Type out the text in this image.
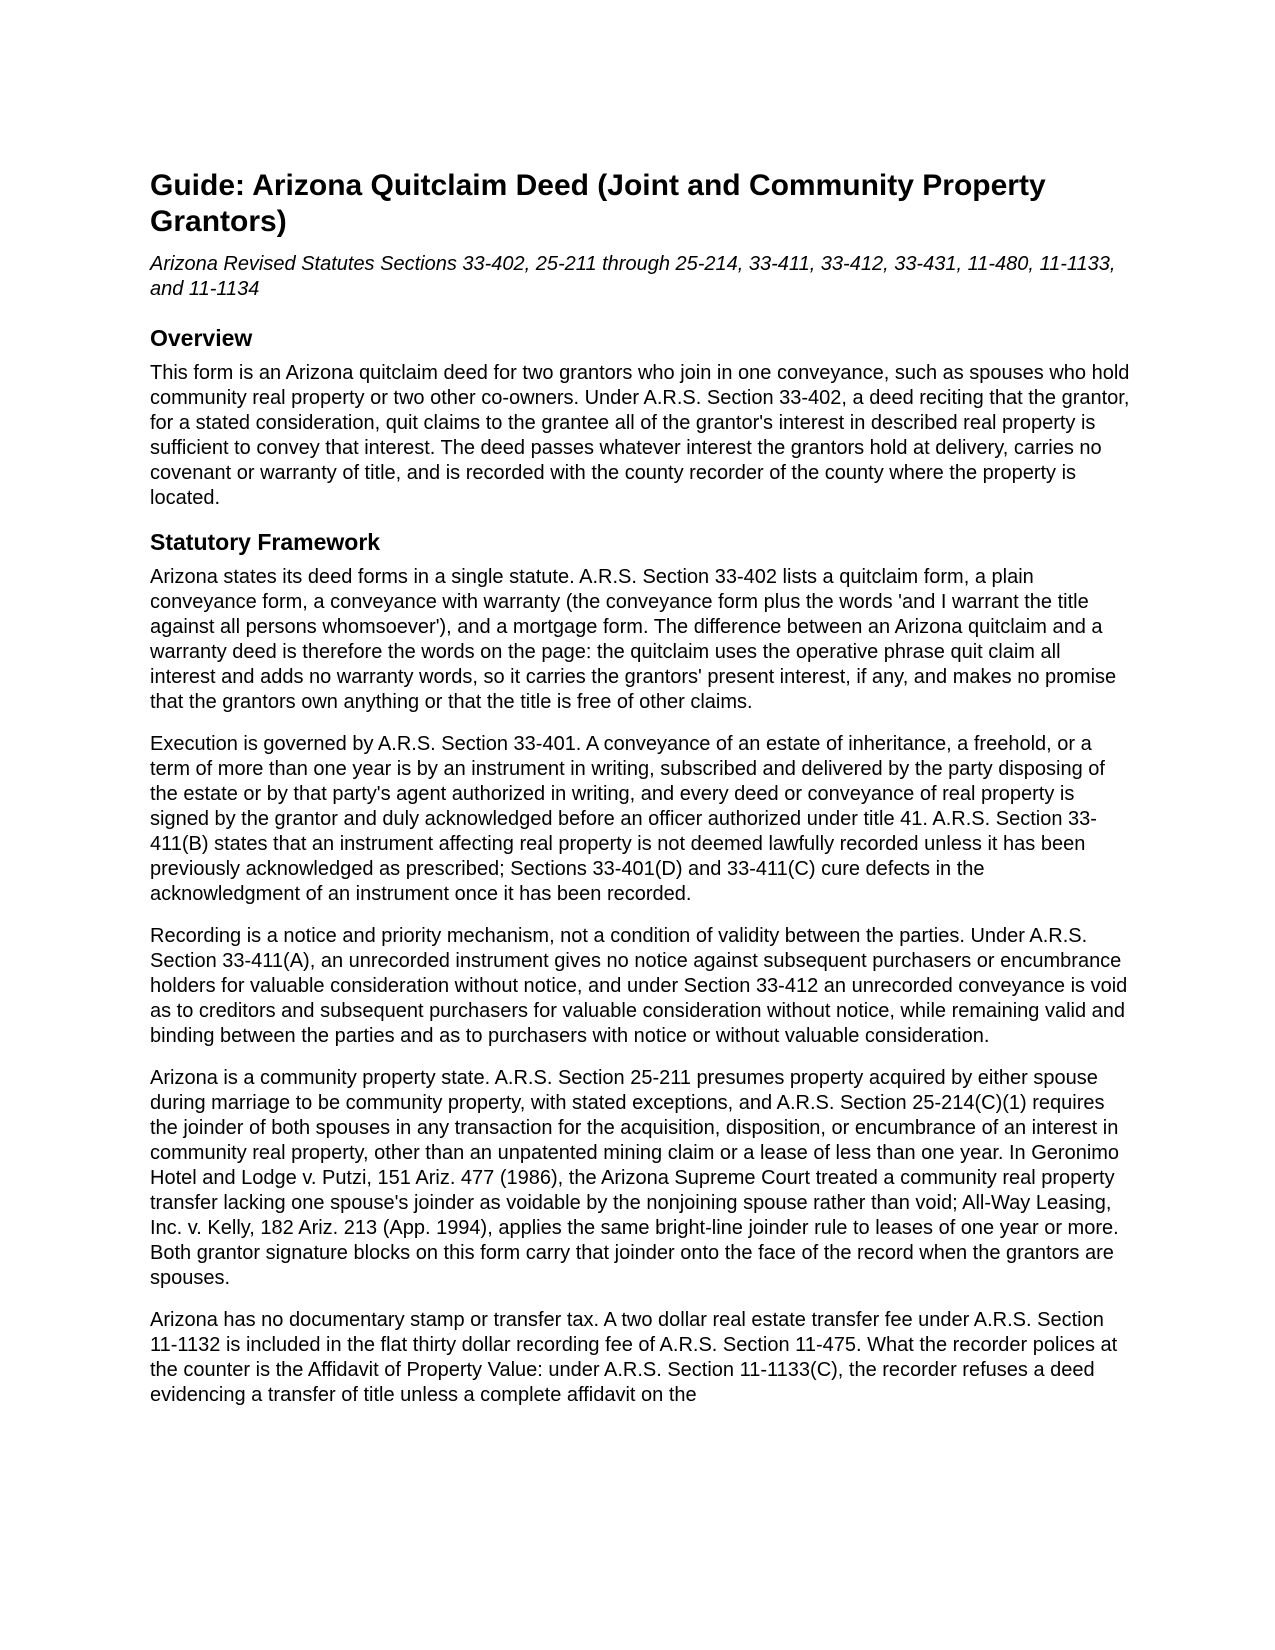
Guide: Arizona Quitclaim Deed (Joint and Community Property Grantors)

Arizona Revised Statutes Sections 33-402, 25-211 through 25-214, 33-411, 33-412, 33-431, 11-480, 11-1133, and 11-1134

Overview

This form is an Arizona quitclaim deed for two grantors who join in one conveyance, such as spouses who hold community real property or two other co-owners. Under A.R.S. Section 33-402, a deed reciting that the grantor, for a stated consideration, quit claims to the grantee all of the grantor's interest in described real property is sufficient to convey that interest. The deed passes whatever interest the grantors hold at delivery, carries no covenant or warranty of title, and is recorded with the county recorder of the county where the property is located.

Statutory Framework

Arizona states its deed forms in a single statute. A.R.S. Section 33-402 lists a quitclaim form, a plain conveyance form, a conveyance with warranty (the conveyance form plus the words 'and I warrant the title against all persons whomsoever'), and a mortgage form. The difference between an Arizona quitclaim and a warranty deed is therefore the words on the page: the quitclaim uses the operative phrase quit claim all interest and adds no warranty words, so it carries the grantors' present interest, if any, and makes no promise that the grantors own anything or that the title is free of other claims.

Execution is governed by A.R.S. Section 33-401. A conveyance of an estate of inheritance, a freehold, or a term of more than one year is by an instrument in writing, subscribed and delivered by the party disposing of the estate or by that party's agent authorized in writing, and every deed or conveyance of real property is signed by the grantor and duly acknowledged before an officer authorized under title 41. A.R.S. Section 33-411(B) states that an instrument affecting real property is not deemed lawfully recorded unless it has been previously acknowledged as prescribed; Sections 33-401(D) and 33-411(C) cure defects in the acknowledgment of an instrument once it has been recorded.

Recording is a notice and priority mechanism, not a condition of validity between the parties. Under A.R.S. Section 33-411(A), an unrecorded instrument gives no notice against subsequent purchasers or encumbrance holders for valuable consideration without notice, and under Section 33-412 an unrecorded conveyance is void as to creditors and subsequent purchasers for valuable consideration without notice, while remaining valid and binding between the parties and as to purchasers with notice or without valuable consideration.

Arizona is a community property state. A.R.S. Section 25-211 presumes property acquired by either spouse during marriage to be community property, with stated exceptions, and A.R.S. Section 25-214(C)(1) requires the joinder of both spouses in any transaction for the acquisition, disposition, or encumbrance of an interest in community real property, other than an unpatented mining claim or a lease of less than one year. In Geronimo Hotel and Lodge v. Putzi, 151 Ariz. 477 (1986), the Arizona Supreme Court treated a community real property transfer lacking one spouse's joinder as voidable by the nonjoining spouse rather than void; All-Way Leasing, Inc. v. Kelly, 182 Ariz. 213 (App. 1994), applies the same bright-line joinder rule to leases of one year or more. Both grantor signature blocks on this form carry that joinder onto the face of the record when the grantors are spouses.

Arizona has no documentary stamp or transfer tax. A two dollar real estate transfer fee under A.R.S. Section 11-1132 is included in the flat thirty dollar recording fee of A.R.S. Section 11-475. What the recorder polices at the counter is the Affidavit of Property Value: under A.R.S. Section 11-1133(C), the recorder refuses a deed evidencing a transfer of title unless a complete affidavit on the
